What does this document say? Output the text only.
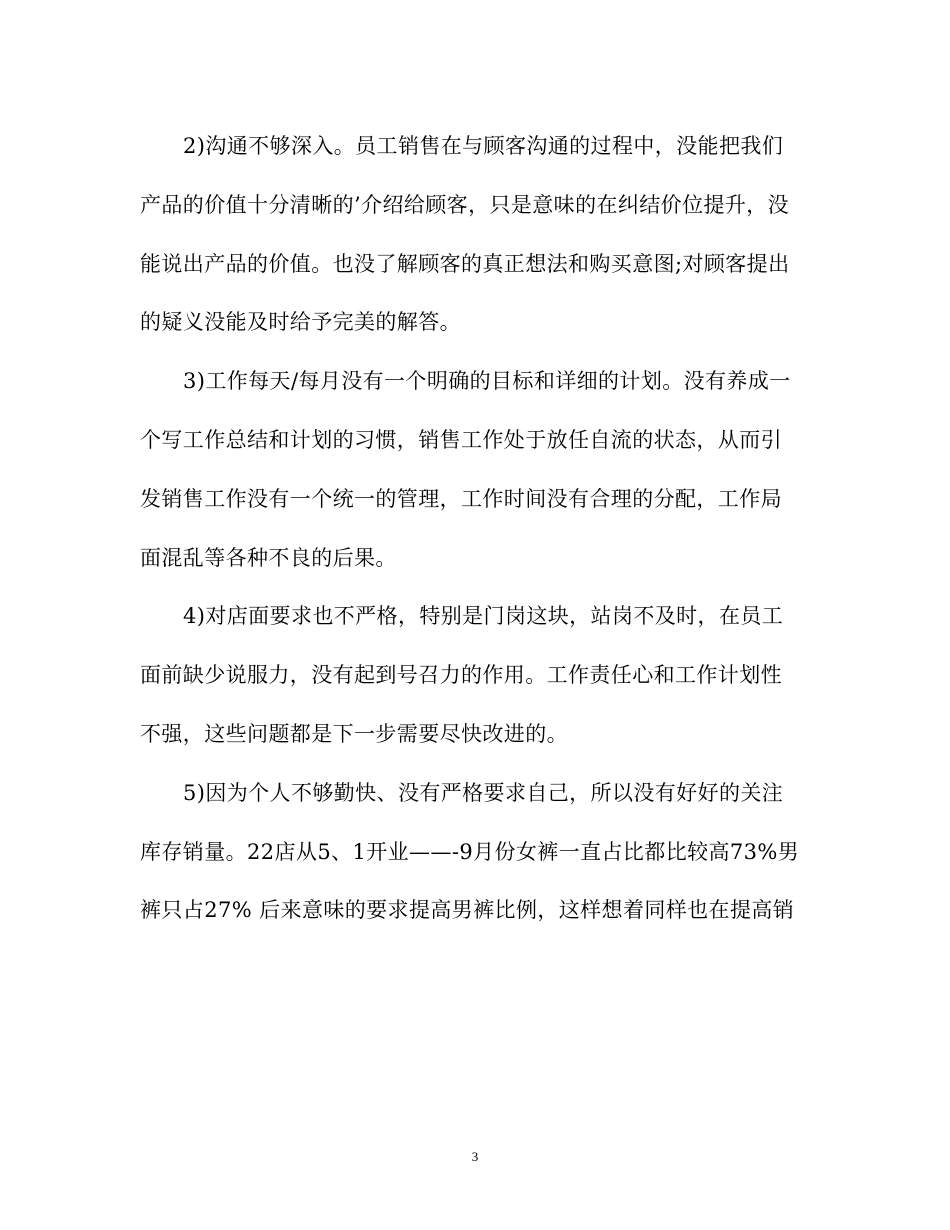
2)沟通不够深入。员工销售在与顾客沟通的过程中，没能把我们
产品的价值十分清晰的’介绍给顾客，只是意味的在纠结价位提升，没
能说出产品的价值。也没了解顾客的真正想法和购买意图;对顾客提出
的疑义没能及时给予完美的解答。

3)工作每天/每月没有一个明确的目标和详细的计划。没有养成一
个写工作总结和计划的习惯，销售工作处于放任自流的状态，从而引
发销售工作没有一个统一的管理，工作时间没有合理的分配，工作局
面混乱等各种不良的后果。

4)对店面要求也不严格，特别是门岗这块，站岗不及时，在员工
面前缺少说服力，没有起到号召力的作用。工作责任心和工作计划性
不强，这些问题都是下一步需要尽快改进的。

5)因为个人不够勤快、没有严格要求自己，所以没有好好的关注
库存销量。22店从5、1开业——-9月份女裤一直占比都比较高73%男
裤只占27% 后来意味的要求提高男裤比例，这样想着同样也在提高销

3
